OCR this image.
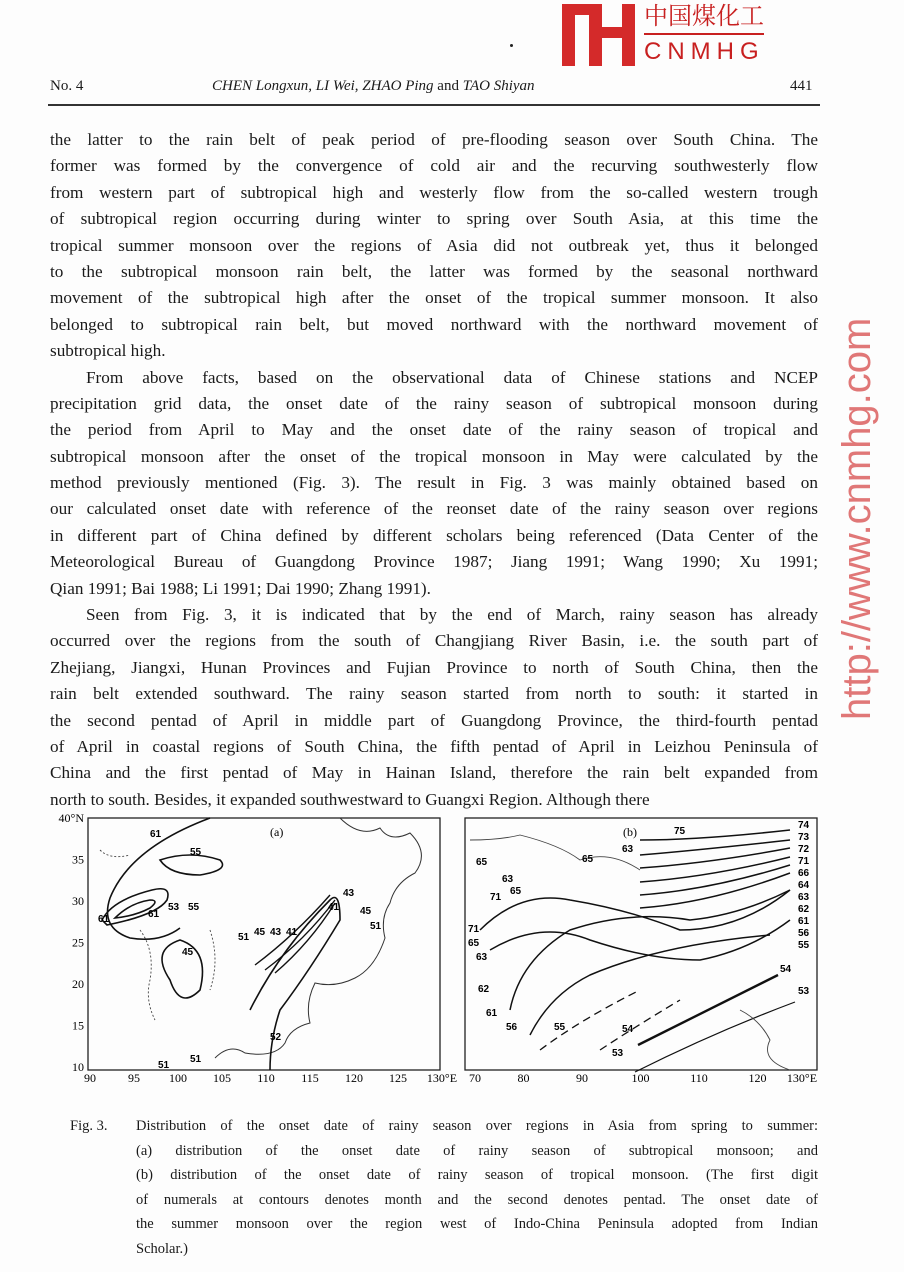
No. 4	CHEN Longxun, LI Wei, ZHAO Ping and TAO Shiyan	441
the latter to the rain belt of peak period of pre-flooding season over South China. The
former was formed by the convergence of cold air and the recurving southwesterly flow
from western part of subtropical high and westerly flow from the so-called western trough
of subtropical region occurring during winter to spring over South Asia, at this time the
tropical summer monsoon over the regions of Asia did not outbreak yet, thus it belonged
to the subtropical monsoon rain belt, the latter was formed by the seasonal northward
movement of the subtropical high after the onset of the tropical summer monsoon. It also
belonged to subtropical rain belt, but moved northward with the northward movement of
subtropical high.
From above facts, based on the observational data of Chinese stations and NCEP
precipitation grid data, the onset date of the rainy season of subtropical monsoon during
the period from April to May and the onset date of the rainy season of tropical and
subtropical monsoon after the onset of the tropical monsoon in May were calculated by the
method previously mentioned (Fig. 3). The result in Fig. 3 was mainly obtained based on
our calculated onset date with reference of the reonset date of the rainy season over regions
in different part of China defined by different scholars being referenced (Data Center of the
Meteorological Bureau of Guangdong Province 1987; Jiang 1991; Wang 1990; Xu 1991;
Qian 1991; Bai 1988; Li 1991; Dai 1990; Zhang 1991).
Seen from Fig. 3, it is indicated that by the end of March, rainy season has already
occurred over the regions from the south of Changjiang River Basin, i.e. the south part of
Zhejiang, Jiangxi, Hunan Provinces and Fujian Province to north of South China, then the
rain belt extended southward. The rainy season started from north to south: it started in
the second pentad of April in middle part of Guangdong Province, the third-fourth pentad
of April in coastal regions of South China, the fifth pentad of April in Leizhou Peninsula of
China and the first pentad of May in Hainan Island, therefore the rain belt expanded from
north to south. Besides, it expanded southwestward to Guangxi Region. Although there
(a)	(b)
40°N
35
30
25
20
15
10
90	95 100 105 110 115 120 125 130°E 70	80	90	100	110	120 130°E
61
55
61	61
53 55
43
41 45
51
51 45 43 41
45
52
51
51
75
74
73
72
71
66
64
63
62
61
56
55
54
53
63
65
65
63
71
65
71
65
63
62
61
56	55	54
53
Fig. 3. Distribution of the onset date of rainy season over regions in Asia from spring to summer:
(a) distribution of the onset date of rainy season of subtropical monsoon; and
(b) distribution of the onset date of rainy season of tropical monsoon. (The first digit
of numerals at contours denotes month and the second denotes pentad. The onset date of
the summer monsoon over the region west of Indo-China Peninsula adopted from Indian
Scholar.)
http://www.cnmhg.com
中国煤化工
CNMHG
